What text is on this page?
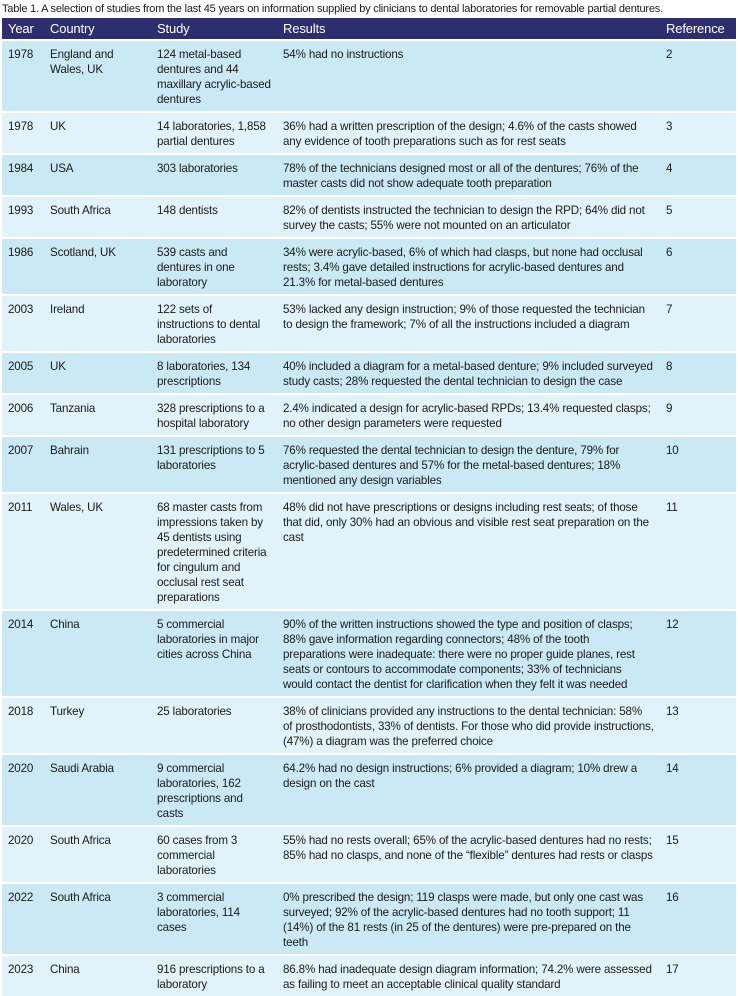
Table 1. A selection of studies from the last 45 years on information supplied by clinicians to dental laboratories for removable partial dentures.
Year	Country	Study	Results	Reference
1978	England and Wales, UK	124 metal-based dentures and 44 maxillary acrylic-based dentures	54% had no instructions	2
1978	UK	14 laboratories, 1,858 partial dentures	36% had a written prescription of the design; 4.6% of the casts showed any evidence of tooth preparations such as for rest seats	3
1984	USA	303 laboratories	78% of the technicians designed most or all of the dentures; 76% of the master casts did not show adequate tooth preparation	4
1993	South Africa	148 dentists	82% of dentists instructed the technician to design the RPD; 64% did not survey the casts; 55% were not mounted on an articulator	5
1986	Scotland, UK	539 casts and dentures in one laboratory	34% were acrylic-based, 6% of which had clasps, but none had occlusal rests; 3.4% gave detailed instructions for acrylic-based dentures and 21.3% for metal-based dentures	6
2003	Ireland	122 sets of instructions to dental laboratories	53% lacked any design instruction; 9% of those requested the technician to design the framework; 7% of all the instructions included a diagram	7
2005	UK	8 laboratories, 134 prescriptions	40% included a diagram for a metal-based denture; 9% included surveyed study casts; 28% requested the dental technician to design the case	8
2006	Tanzania	328 prescriptions to a hospital laboratory	2.4% indicated a design for acrylic-based RPDs; 13.4% requested clasps; no other design parameters were requested	9
2007	Bahrain	131 prescriptions to 5 laboratories	76% requested the dental technician to design the denture, 79% for acrylic-based dentures and 57% for the metal-based dentures; 18% mentioned any design variables	10
2011	Wales, UK	68 master casts from impressions taken by 45 dentists using predetermined criteria for cingulum and occlusal rest seat preparations	48% did not have prescriptions or designs including rest seats; of those that did, only 30% had an obvious and visible rest seat preparation on the cast	11
2014	China	5 commercial laboratories in major cities across China	90% of the written instructions showed the type and position of clasps; 88% gave information regarding connectors; 48% of the tooth preparations were inadequate: there were no proper guide planes, rest seats or contours to accommodate components; 33% of technicians would contact the dentist for clarification when they felt it was needed	12
2018	Turkey	25 laboratories	38% of clinicians provided any instructions to the dental technician: 58% of prosthodontists, 33% of dentists. For those who did provide instructions, (47%) a diagram was the preferred choice	13
2020	Saudi Arabia	9 commercial laboratories, 162 prescriptions and casts	64.2% had no design instructions; 6% provided a diagram; 10% drew a design on the cast	14
2020	South Africa	60 cases from 3 commercial laboratories	55% had no rests overall; 65% of the acrylic-based dentures had no rests; 85% had no clasps, and none of the “flexible” dentures had rests or clasps	15
2022	South Africa	3 commercial laboratories, 114 cases	0% prescribed the design; 119 clasps were made, but only one cast was surveyed; 92% of the acrylic-based dentures had no tooth support; 11 (14%) of the 81 rests (in 25 of the dentures) were pre-prepared on the teeth	16
2023	China	916 prescriptions to a laboratory	86.8% had inadequate design diagram information; 74.2% were assessed as failing to meet an acceptable clinical quality standard	17
